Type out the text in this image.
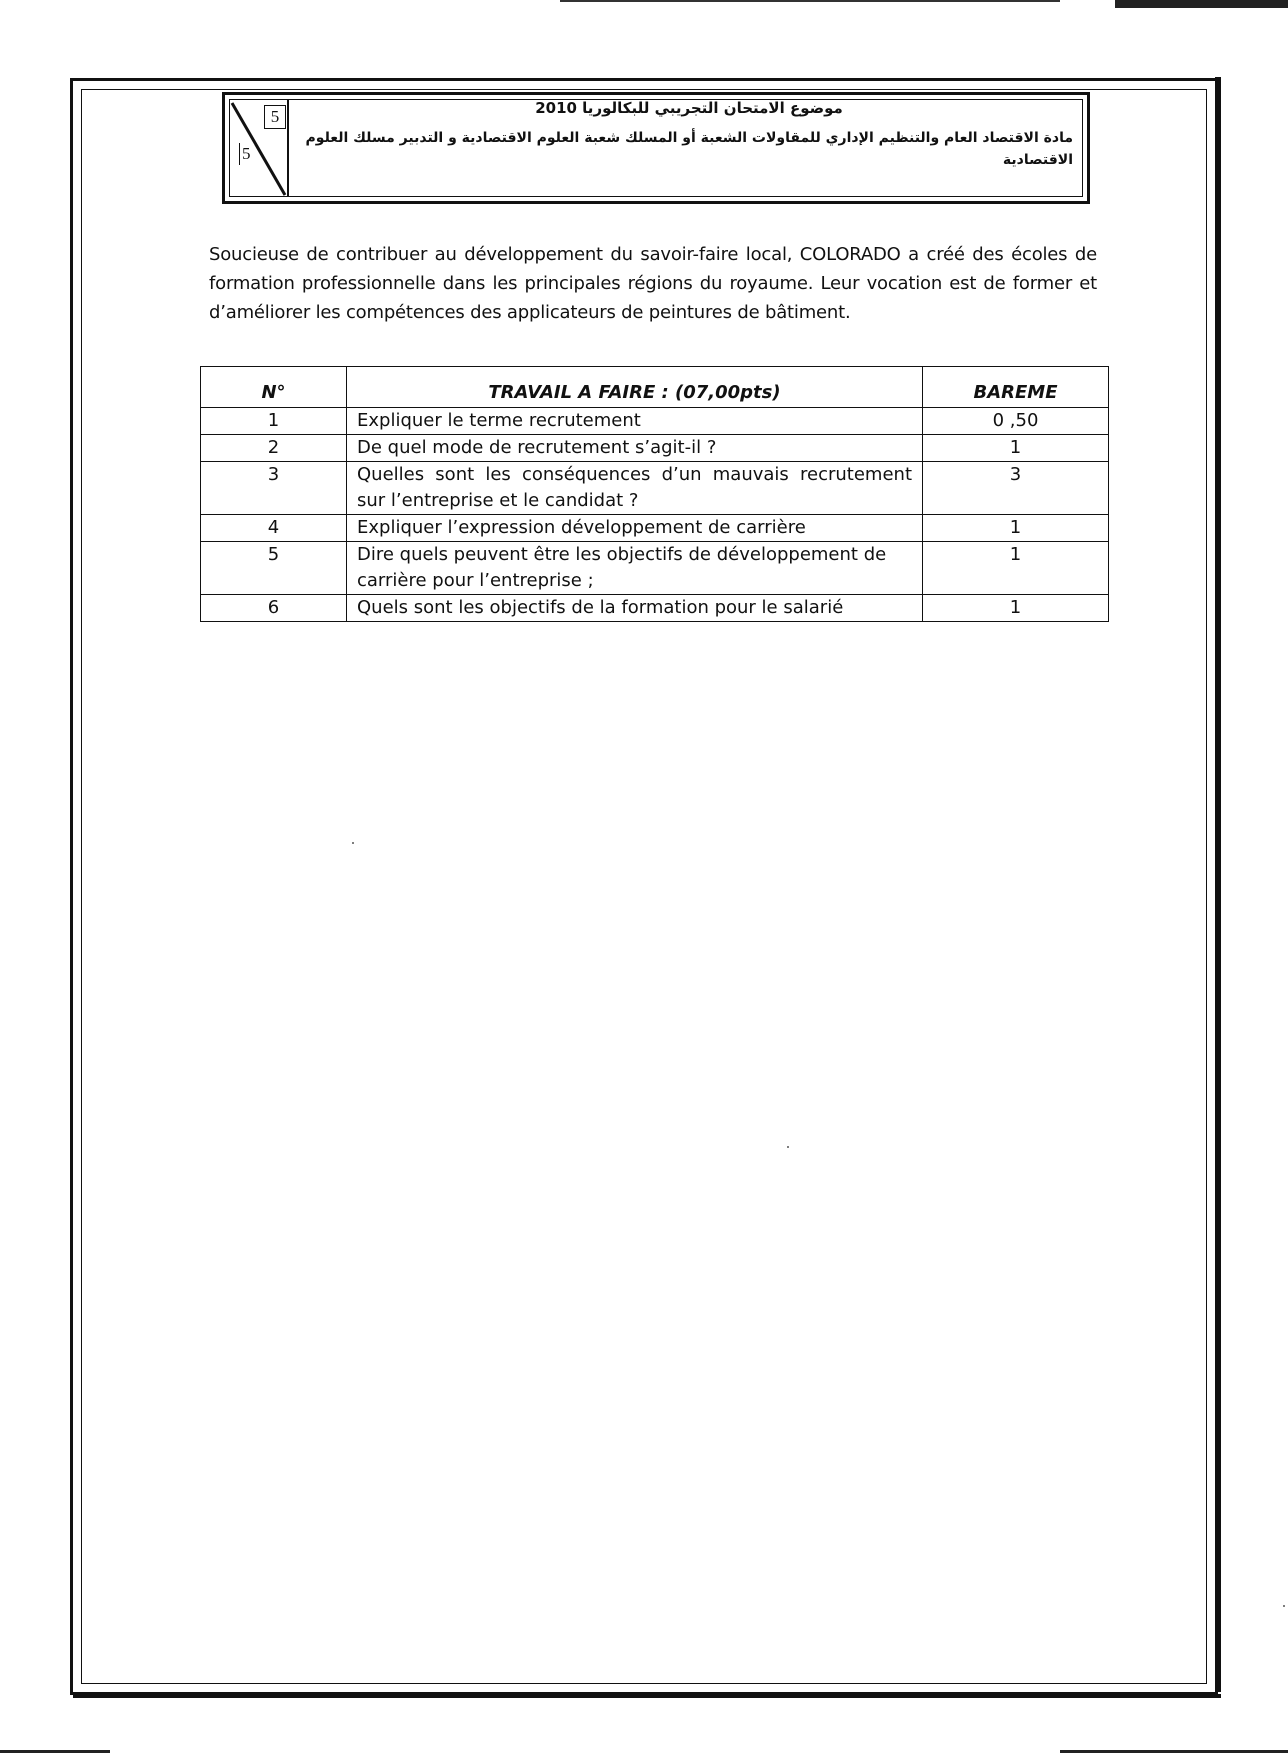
5
5
موضوع الامتحان التجريبي للبكالوريا 2010
مادة الاقتصاد العام والتنظيم الإداري للمقاولات الشعبة أو المسلك شعبة العلوم الاقتصادية و التدبير مسلك العلوم الاقتصادية

Soucieuse de contribuer au développement du savoir-faire local, COLORADO a créé des écoles de formation professionnelle dans les principales régions du royaume. Leur vocation est de former et d’améliorer les compétences des applicateurs de peintures de bâtiment.

N°	TRAVAIL A FAIRE : (07,00pts)	BAREME
1	Expliquer le terme recrutement	0 ,50
2	De quel mode de recrutement s’agit-il ?	1
3	Quelles sont les conséquences d’un mauvais recrutement sur l’entreprise et le candidat ?	3
4	Expliquer l’expression développement de carrière	1
5	Dire quels peuvent être les objectifs de développement de carrière pour l’entreprise ;	1
6	Quels sont les objectifs de la formation pour le salarié	1
